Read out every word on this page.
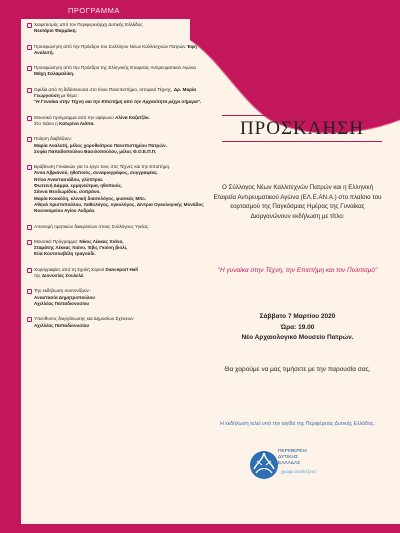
ΠΡΟΓΡΑΜΜΑ
Χαιρετισμός από τον Περιφερειάρχη Δυτικής Ελλάδος
Νεκτάριο Φαρμάκη.
Προσφώνηση από την Πρόεδρο του Συλλόγου Νέων Καλλιτεχνών Πατρών Έφη Αναλυτή.
Προσφώνηση από την Πρόεδρο της Ελληνικής Εταιρείας Αντιρευματικού Αγώνα Μάχη Σαλαμαλίκη.
Ομιλία από τη διδάσκουσα στο Ιόνιο Πανεπιστήμιο, Ιστορικό Τέχνης, Δρ. Μαρία Γεωργούση με θέμα :
"Η Γυναίκα στην Τέχνη και την Επιστήμη από την Αρχαιότητα μέχρι σήμερα".
Μουσικό πρόγραμμα από την υψίφωνο Αλίνα Καζατζόκ.
Στο πιάνο η Κατερίνα Λιάπα.
Ποίηση διαβάζουν:
Μαρία Αναλυτή, μέλος χοροθεάτρου Πανεπιστημίου Πατρών.
Σοφία Παπαδοπούλου Βασιλοπούλου, μέλος Θ.Ο.Ε.Π.Π.
Βράβευση Γυναικών για το έργο τους στις Τέχνες και την Επιστήμη.
Άννα Αβριανού, ηθοποιός, σεναριογράφος, συγγραφέας.
Ντίνα Αναστασιάδου, γλύπτρια.
Φωτεινή Δάρρα, ερμηνεύτρια, ηθοποιός.
Σάννα Θεοδωρίδου, σοπράνο.
Μαρία Κουκόλη, κλινική διαιτολόγος, φυσικός MSc.
Αθηνά Χριστοπούλου, παθολόγος, ογκολόγος, Δ/ντρια Ογκολογικής Μονάδος Νοσοκομείου Αγίου Ανδρέα.
Απονομή τιμητικών διακρίσεων στους Συλλόγους Υγείας.
Μουσικό Πρόγραμμα: Νίκος Λέκκας πιάνο,
Σταμάτης Λέκκας πιάνο, Έβις Γκιόνη βιολί,
Εύα Κουτσουβέλη τραγούδι.
Χορογραφίες από τη Σχολή Χορού Danceport Hall
της Διονυσίας Σουλελέ.
Την εκδήλωση συντονίζουν :
Αναστασία Δημητροπούλου
Αχιλλέας Παπαδιονυσίου
Υπεύθυνος διοργάνωσης και Δημοσίων Σχέσεων
Αχιλλέας Παπαδιονυσίου
ΠΡΟΣΚΛΗΣΗ
Ο Σύλλογος Νέων Καλλιτεχνών Πατρών και η Ελληνική Εταιρεία Αντιρευματικού Αγώνα (ΕΛ.Ε.ΑΝ.Α.) στο πλαίσιο του εορτασμού της Παγκόσμιας Ημέρας της Γυναίκας Διοργανώνουν εκδήλωση με τίτλο:
"Η γυναίκα στην Τέχνη, την Επιστήμη και τον Πολιτισμό"
Σάββατο 7 Μαρτίου 2020
Ώρα: 19.00
Νέο Αρχαιολογικό Μουσείο Πατρών.
Θα χαρούμε να μας τιμήσετε με την παρουσία σας.
Η εκδήλωση τελεί υπό την αιγίδα της Περιφέρειας Δυτικής Ελλάδος.
ΠΕΡΙΦΕΡΕΙΑ
ΔΥΤΙΚΗΣ
ΕΛΛΑΔΑΣ
χρώμα αναδείξεις!
